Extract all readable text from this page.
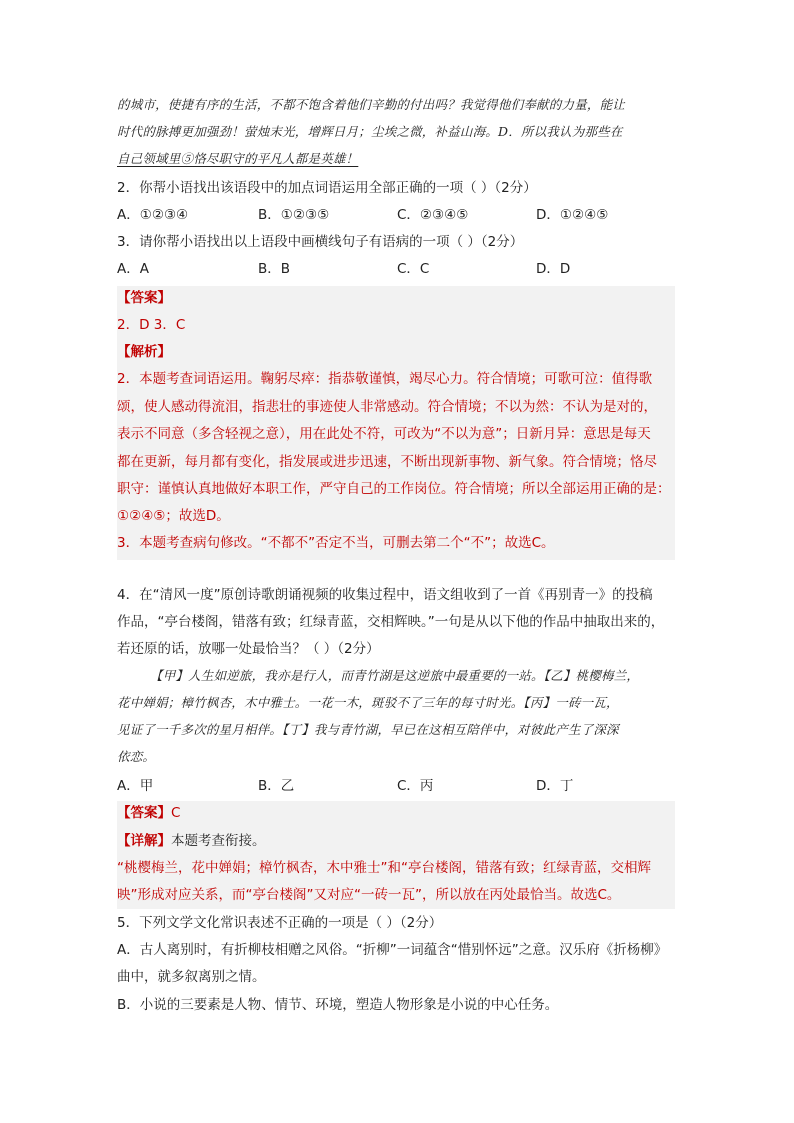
的城市，使捷有序的生活，不都不饱含着他们辛勤的付出吗？我觉得他们奉献的力量，能让
时代的脉搏更加强劲！萤烛末光，增辉日月；尘埃之微，补益山海。D．所以我认为那些在
自己领域里⑤恪尽职守的平凡人都是英雄！
2．你帮小语找出该语段中的加点词语运用全部正确的一项（ ）（2分）
A．①②③④	B．①②③⑤	C．②③④⑤	D．①②④⑤
3．请你帮小语找出以上语段中画横线句子有语病的一项（ ）（2分）
A．A	B．B	C．C	D．D
【答案】
2．D 3．C
【解析】
2．本题考查词语运用。鞠躬尽瘁：指恭敬谨慎，竭尽心力。符合情境；可歌可泣：值得歌
颂，使人感动得流泪，指悲壮的事迹使人非常感动。符合情境；不以为然：不认为是对的，
表示不同意（多含轻视之意），用在此处不符，可改为“不以为意”；日新月异：意思是每天
都在更新，每月都有变化，指发展或进步迅速，不断出现新事物、新气象。符合情境；恪尽
职守：谨慎认真地做好本职工作，严守自己的工作岗位。符合情境；所以全部运用正确的是：
①②④⑤；故选D。
3．本题考查病句修改。“不都不”否定不当，可删去第二个“不”；故选C。
4．在“清风一度”原创诗歌朗诵视频的收集过程中，语文组收到了一首《再别青一》的投稿
作品，“亭台楼阁，错落有致；红绿青蓝，交相辉映。”一句是从以下他的作品中抽取出来的，
若还原的话，放哪一处最恰当？（ ）（2分）
【甲】人生如逆旅，我亦是行人，而青竹湖是这逆旅中最重要的一站。【乙】桃樱梅兰，
花中婵娟；樟竹枫杏，木中雅士。一花一木，斑驳不了三年的每寸时光。【丙】一砖一瓦，
见证了一千多次的星月相伴。【丁】我与青竹湖，早已在这相互陪伴中，对彼此产生了深深
依恋。
A．甲	B．乙	C．丙	D．丁
【答案】C
【详解】本题考查衔接。
“桃樱梅兰，花中婵娟；樟竹枫杏，木中雅士”和“亭台楼阁，错落有致；红绿青蓝，交相辉
映”形成对应关系，而“亭台楼阁”又对应“一砖一瓦”，所以放在丙处最恰当。故选C。
5．下列文学文化常识表述不正确的一项是（ ）（2分）
A．古人离别时，有折柳枝相赠之风俗。“折柳”一词蕴含“惜别怀远”之意。汉乐府《折杨柳》
曲中，就多叙离别之情。
B．小说的三要素是人物、情节、环境，塑造人物形象是小说的中心任务。
